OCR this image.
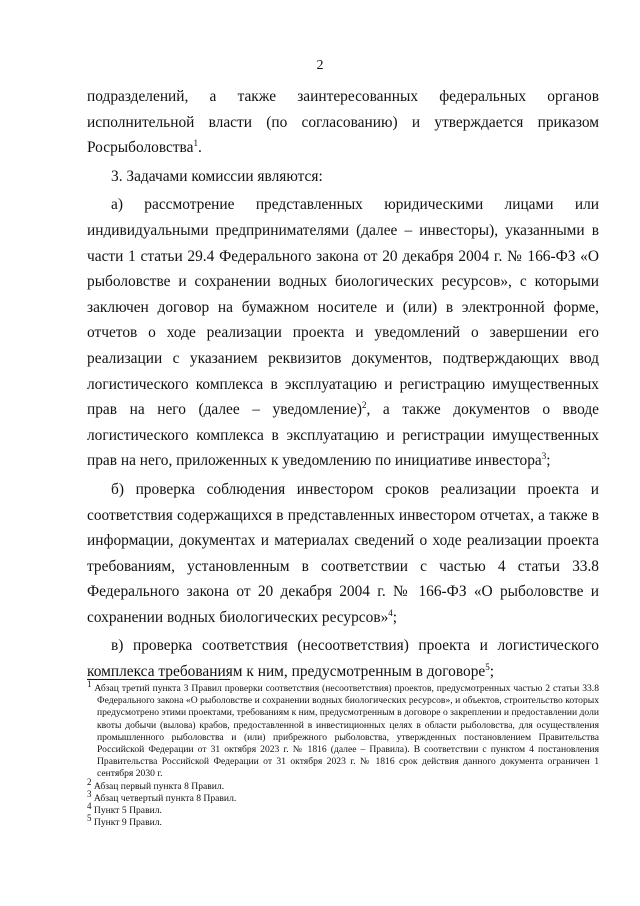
2

подразделений, а также заинтересованных федеральных органов исполнительной власти (по согласованию) и утверждается приказом Росрыболовства$^1$.

3. Задачами комиссии являются:

а) рассмотрение представленных юридическими лицами или индивидуальными предпринимателями (далее – инвесторы), указанными в части 1 статьи 29.4 Федерального закона от 20 декабря 2004 г. № 166-ФЗ «О рыболовстве и сохранении водных биологических ресурсов», с которыми заключен договор на бумажном носителе и (или) в электронной форме, отчетов о ходе реализации проекта и уведомлений о завершении его реализации с указанием реквизитов документов, подтверждающих ввод логистического комплекса в эксплуатацию и регистрацию имущественных прав на него (далее – уведомление)$^2$, а также документов о вводе логистического комплекса в эксплуатацию и регистрации имущественных прав на него, приложенных к уведомлению по инициативе инвестора$^3$;

б) проверка соблюдения инвестором сроков реализации проекта и соответствия содержащихся в представленных инвестором отчетах, а также в информации, документах и материалах сведений о ходе реализации проекта требованиям, установленным в соответствии с частью 4 статьи 33.8 Федерального закона от 20 декабря 2004 г. № 166-ФЗ «О рыболовстве и сохранении водных биологических ресурсов»$^4$;

в) проверка соответствия (несоответствия) проекта и логистического комплекса требованиям к ним, предусмотренным в договоре$^5$;

$^1$ Абзац третий пункта 3 Правил проверки соответствия (несоответствия) проектов, предусмотренных частью 2 статьи 33.8 Федерального закона «О рыболовстве и сохранении водных биологических ресурсов», и объектов, строительство которых предусмотрено этими проектами, требованиям к ним, предусмотренным в договоре о закреплении и предоставлении доли квоты добычи (вылова) крабов, предоставленной в инвестиционных целях в области рыболовства, для осуществления промышленного рыболовства и (или) прибрежного рыболовства, утвержденных постановлением Правительства Российской Федерации от 31 октября 2023 г. № 1816 (далее – Правила). В соответствии с пунктом 4 постановления Правительства Российской Федерации от 31 октября 2023 г. № 1816 срок действия данного документа ограничен 1 сентября 2030 г.

$^2$ Абзац первый пункта 8 Правил.

$^3$ Абзац четвертый пункта 8 Правил.

$^4$ Пункт 5 Правил.

$^5$ Пункт 9 Правил.
